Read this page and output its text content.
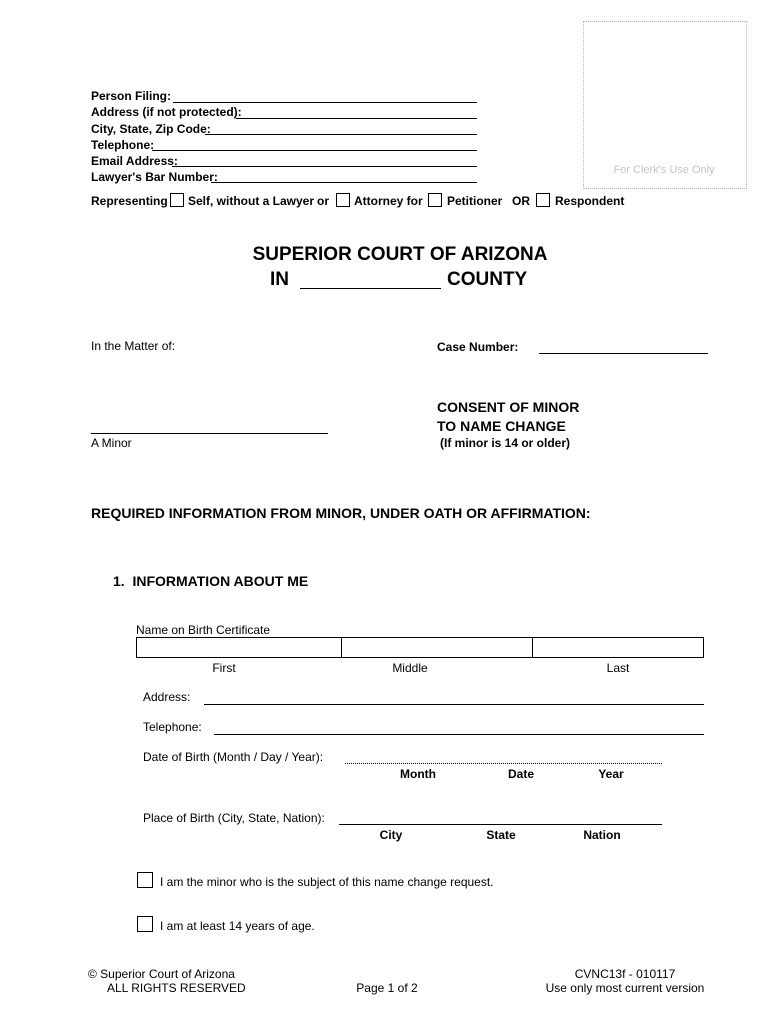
For Clerk's Use Only
Person Filing:
Address (if not protected):
City, State, Zip Code:
Telephone:
Email Address:
Lawyer's Bar Number:
Representing Self, without a Lawyer or Attorney for Petitioner OR Respondent
SUPERIOR COURT OF ARIZONA
IN	COUNTY
In the Matter of:	Case Number:
A Minor
CONSENT OF MINOR
TO NAME CHANGE
(If minor is 14 or older)
REQUIRED INFORMATION FROM MINOR, UNDER OATH OR AFFIRMATION:
1.  INFORMATION ABOUT ME
Name on Birth Certificate
First	Middle	Last
Address:
Telephone:
Date of Birth (Month / Day / Year):
Month	Date	Year
Place of Birth (City, State, Nation):
City	State	Nation
I am the minor who is the subject of this name change request.
I am at least 14 years of age.
© Superior Court of Arizona
ALL RIGHTS RESERVED	Page 1 of 2
CVNC13f - 010117
Use only most current version
